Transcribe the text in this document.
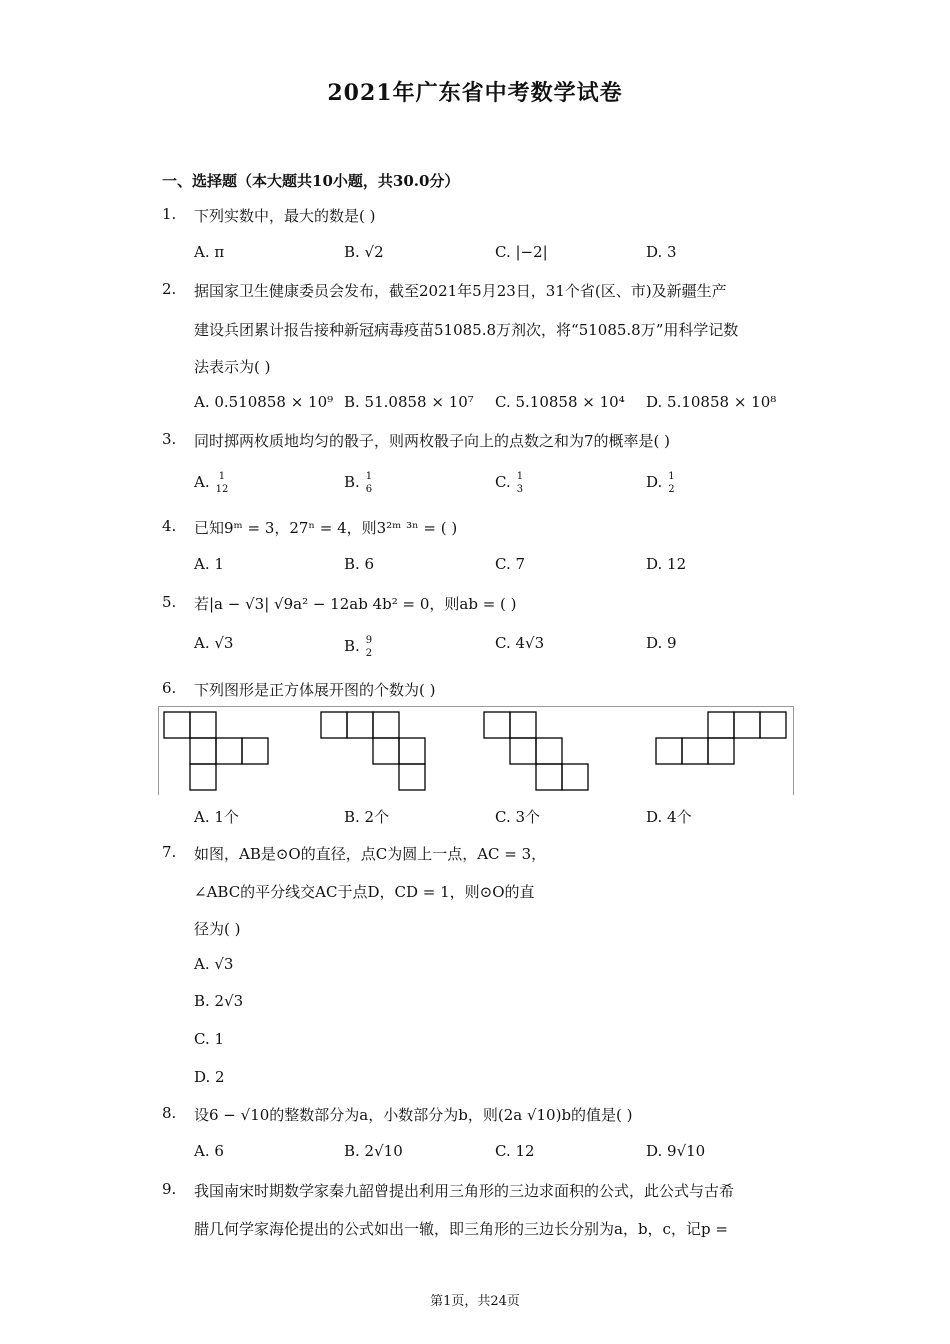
2021年广东省中考数学试卷
一、选择题（本大题共10小题，共30.0分）
1. 下列实数中，最大的数是( )
A. π	B. √2	C. |−2|	D. 3
2. 据国家卫生健康委员会发布，截至2021年5月23日，31个省(区、市)及新疆生产
建设兵团累计报告接种新冠病毒疫苗51085.8万剂次，将“51085.8万”用科学记数
法表示为( )
A. 0.510858 × 10⁹ B. 51.0858 × 10⁷ C. 5.10858 × 10⁴ D. 5.10858 × 10⁸
3. 同时掷两枚质地均匀的骰子，则两枚骰子向上的点数之和为7的概率是( )
A. 1
12	B. 1
6	C. 1
3	D. 1
2
4. 已知9ᵐ = 3，27ⁿ = 4，则3²ᵐ ³ⁿ = ( )
A. 1	B. 6	C. 7	D. 12
5. 若|a − √3| √9a² − 12ab 4b² = 0，则ab = ( )
A. √3	B. 9
2
C. 4√3	D. 9
6. 下列图形是正方体展开图的个数为( )
A. 1个	B. 2个	C. 3个	D. 4个
7. 如图，AB是⊙O的直径，点C为圆上一点，AC = 3，
∠ABC的平分线交AC于点D，CD = 1，则⊙O的直
径为( )
A. √3
B. 2√3
C. 1
D. 2
8. 设6 − √10的整数部分为a，小数部分为b，则(2a √10)b的值是( )
A. 6	B. 2√10	C. 12	D. 9√10
9. 我国南宋时期数学家秦九韶曾提出利用三角形的三边求面积的公式，此公式与古希
腊几何学家海伦提出的公式如出一辙，即三角形的三边长分别为a，b，c，记p =
第1页，共24页
